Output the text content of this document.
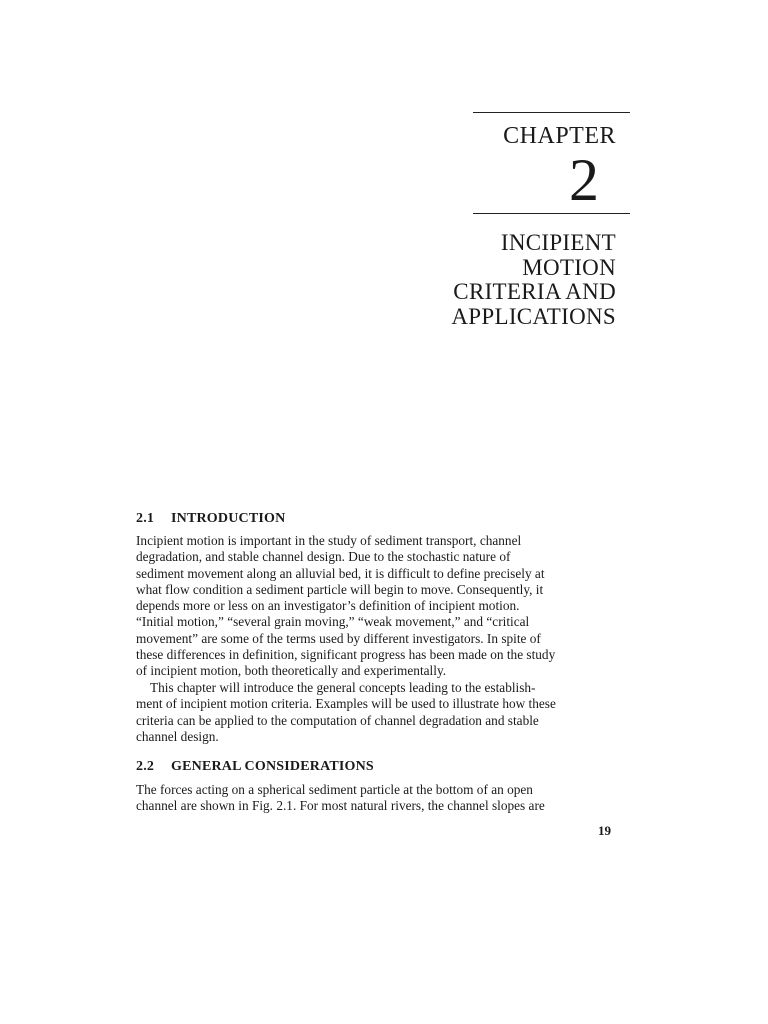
CHAPTER
2
INCIPIENT
MOTION
CRITERIA AND
APPLICATIONS
2.1 INTRODUCTION
Incipient motion is important in the study of sediment transport, channel
degradation, and stable channel design. Due to the stochastic nature of
sediment movement along an alluvial bed, it is difficult to define precisely at
what flow condition a sediment particle will begin to move. Consequently, it
depends more or less on an investigator’s definition of incipient motion.
“Initial motion,” “several grain moving,” “weak movement,” and “critical
movement” are some of the terms used by different investigators. In spite of
these differences in definition, significant progress has been made on the study
of incipient motion, both theoretically and experimentally.
This chapter will introduce the general concepts leading to the establish-
ment of incipient motion criteria. Examples will be used to illustrate how these
criteria can be applied to the computation of channel degradation and stable
channel design.
2.2 GENERAL CONSIDERATIONS
The forces acting on a spherical sediment particle at the bottom of an open
channel are shown in Fig. 2.1. For most natural rivers, the channel slopes are
19
